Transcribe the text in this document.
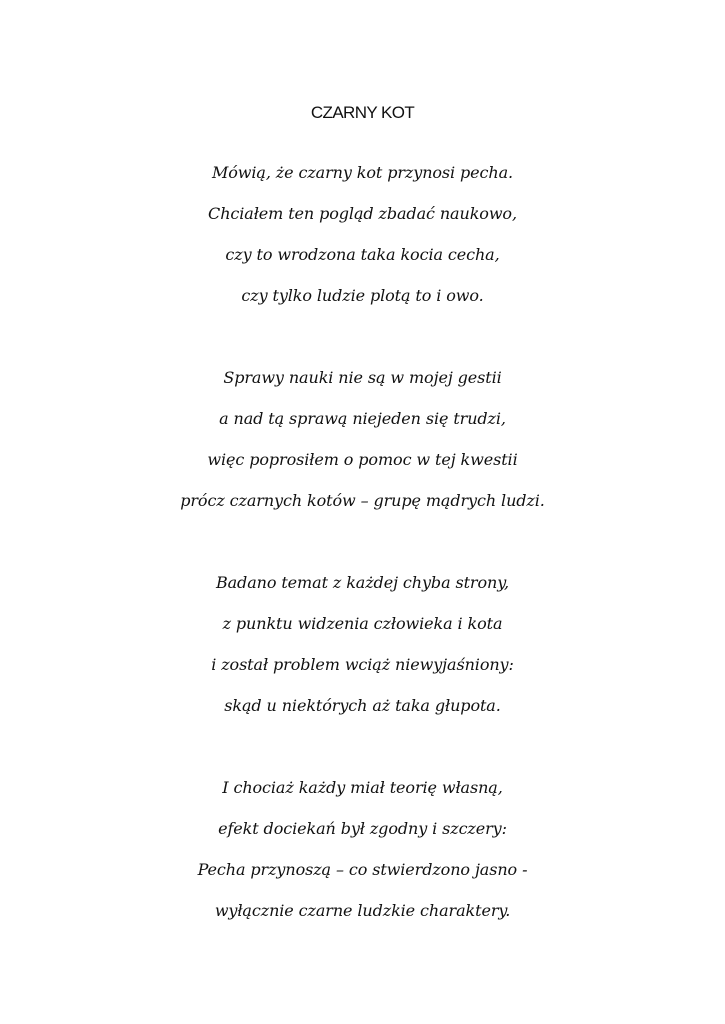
CZARNY KOT
Mówią, że czarny kot przynosi pecha.
Chciałem ten pogląd zbadać naukowo,
czy to wrodzona taka kocia cecha,
czy tylko ludzie plotą to i owo.
Sprawy nauki nie są w mojej gestii
a nad tą sprawą niejeden się trudzi,
więc poprosiłem o pomoc w tej kwestii
prócz czarnych kotów – grupę mądrych ludzi.
Badano temat z każdej chyba strony,
z punktu widzenia człowieka i kota
i został problem wciąż niewyjaśniony:
skąd u niektórych aż taka głupota.
I chociaż każdy miał teorię własną,
efekt dociekań był zgodny i szczery:
Pecha przynoszą – co stwierdzono jasno -
wyłącznie czarne ludzkie charaktery.
